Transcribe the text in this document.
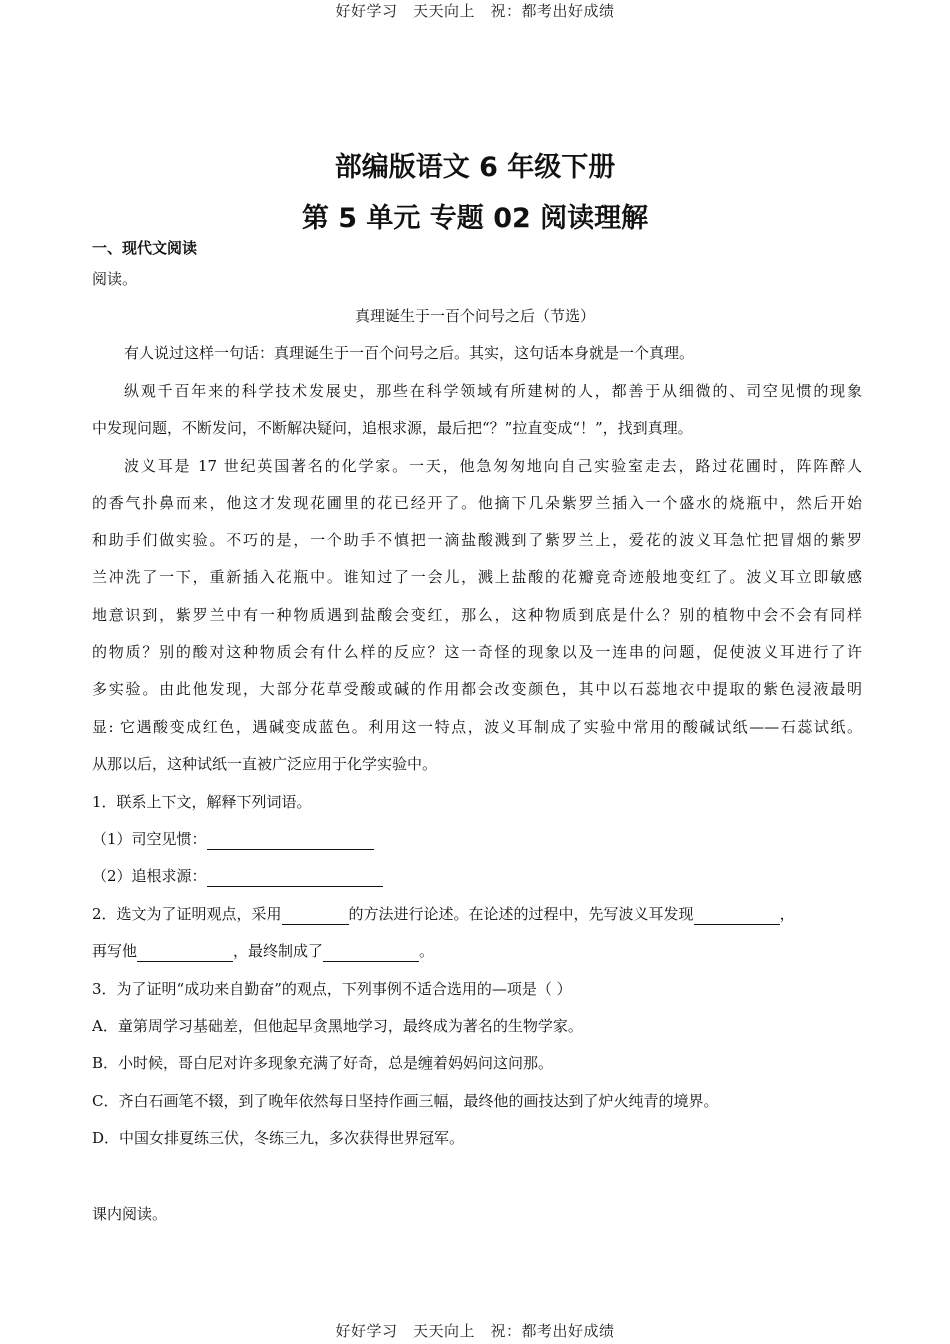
好好学习　天天向上　祝：都考出好成绩
部编版语文 6 年级下册
第 5 单元 专题 02 阅读理解
一、现代文阅读
阅读。
真理诞生于一百个问号之后（节选）
有人说过这样一句话：真理诞生于一百个问号之后。其实，这句话本身就是一个真理。
纵观千百年来的科学技术发展史，那些在科学领域有所建树的人，都善于从细微的、司空见惯的现象
中发现问题，不断发问，不断解决疑问，追根求源，最后把“？”拉直变成“！”，找到真理。
波义耳是 17 世纪英国著名的化学家。一天，他急匆匆地向自己实验室走去，路过花圃时，阵阵醉人
的香气扑鼻而来，他这才发现花圃里的花已经开了。他摘下几朵紫罗兰插入一个盛水的烧瓶中，然后开始
和助手们做实验。不巧的是，一个助手不慎把一滴盐酸溅到了紫罗兰上，爱花的波义耳急忙把冒烟的紫罗
兰冲洗了一下，重新插入花瓶中。谁知过了一会儿，溅上盐酸的花瓣竟奇迹般地变红了。波义耳立即敏感
地意识到，紫罗兰中有一种物质遇到盐酸会变红，那么，这种物质到底是什么？别的植物中会不会有同样
的物质？别的酸对这种物质会有什么样的反应？这一奇怪的现象以及一连串的问题，促使波义耳进行了许
多实验。由此他发现，大部分花草受酸或碱的作用都会改变颜色，其中以石蕊地衣中提取的紫色浸液最明
显: 它遇酸变成红色，遇碱变成蓝色。利用这一特点，波义耳制成了实验中常用的酸碱试纸——石蕊试纸。
从那以后，这种试纸一直被广泛应用于化学实验中。
1．联系上下文，解释下列词语。
（1）司空见惯：
（2）追根求源：
2．选文为了证明观点，采用	的方法进行论述。在论述的过程中，先写波义耳发现	，
再写他	，最终制成了	。
3．为了证明“成功来自勤奋”的观点，下列事例不适合选用的—项是（ ）
A．童第周学习基础差，但他起早贪黑地学习，最终成为著名的生物学家。
B．小时候，哥白尼对许多现象充满了好奇，总是缠着妈妈问这问那。
C．齐白石画笔不辍，到了晚年依然每日坚持作画三幅，最终他的画技达到了炉火纯青的境界。
D．中国女排夏练三伏，冬练三九，多次获得世界冠军。
课内阅读。
好好学习　天天向上　祝：都考出好成绩
